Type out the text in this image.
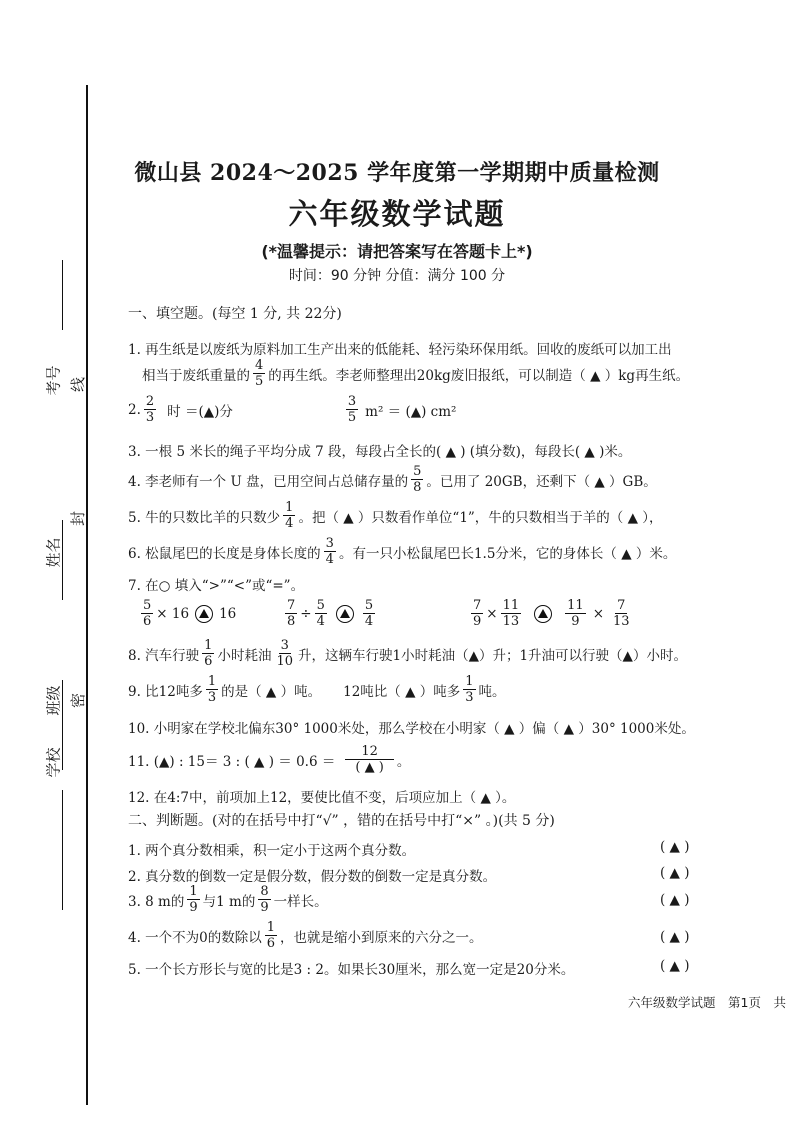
考号 线
封
姓名
班级 密
学校
微山县 2024～2025 学年度第一学期期中质量检测
六年级数学试题
(*温馨提示：请把答案写在答题卡上*)
时间：90 分钟 分值：满分 100 分
一、填空题。(每空 1 分, 共 22分)
1. 再生纸是以废纸为原料加工生产出来的低能耗、轻污染环保用纸。回收的废纸可以加工出
相当于废纸重量的 $\frac{4}{5}$ 的再生纸。李老师整理出20kg废旧报纸，可以制造（ ▲ ）kg再生纸。
2. $\frac{2}{3}$ 时 ＝(▲)分	$\frac{3}{5} m^2$ ＝ (▲) cm²
3. 一根 5 米长的绳子平均分成 7 段，每段占全长的( ▲ ) (填分数)，每段长( ▲ )米。
4. 李老师有一个 U 盘，已用空间占总储存量的 $\frac{5}{8}$ 。已用了 20GB，还剩下（ ▲ ）GB。
5. 牛的只数比羊的只数少 $\frac{1}{4}$ 。把（ ▲ ）只数看作单位“1”，牛的只数相当于羊的（ ▲ ），
6. 松鼠尾巴的长度是身体长度的 $\frac{3}{4}$ 。有一只小松鼠尾巴长1.5分米，它的身体长（ ▲ ）米。
7. 在○ 填入“>”“<”或“=”。
$\frac{5}{6} \times 16$ 16	$\frac{7}{8} \div \frac{5}{4}$	$\frac{5}{4}$	$\frac{7}{9} \times \frac{11}{13}$	$\frac{11}{9} \times \frac{7}{13}$
8. 汽车行驶 $\frac{1}{6}$ 小时耗油 $\frac{3}{10}$ 升，这辆车行驶1小时耗油（▲）升；1升油可以行驶（▲）小时。
9. 比12吨多 $\frac{1}{3}$ 的是（ ▲ ）吨。 12吨比（ ▲ ）吨多 $\frac{1}{3}$ 吨。
10. 小明家在学校北偏东30° 1000米处，那么学校在小明家（ ▲ ）偏（ ▲ ）30° 1000米处。
11. (▲) : 15＝ 3 : ( ▲ ) ＝ $0.6 = \frac{12}{( ▲ )}$ 。
12. 在4:7中，前项加上12，要使比值不变，后项应加上（ ▲ ）。
二、判断题。(对的在括号中打“√” ，错的在括号中打“×” 。)(共 5 分)
1. 两个真分数相乘，积一定小于这两个真分数。	( ▲ )
2. 真分数的倒数一定是假分数，假分数的倒数一定是真分数。	( ▲ )
3. 8 m的 $\frac{1}{9}$ 与1 m的 $\frac{8}{9}$ 一样长。	( ▲ )
4. 一个不为0的数除以 $\frac{1}{6}$ ，也就是缩小到原来的六分之一。	( ▲ )
5. 一个长方形长与宽的比是3 : 2。如果长30厘米，那么宽一定是20分米。	( ▲ )
六年级数学试题　第1页　共
